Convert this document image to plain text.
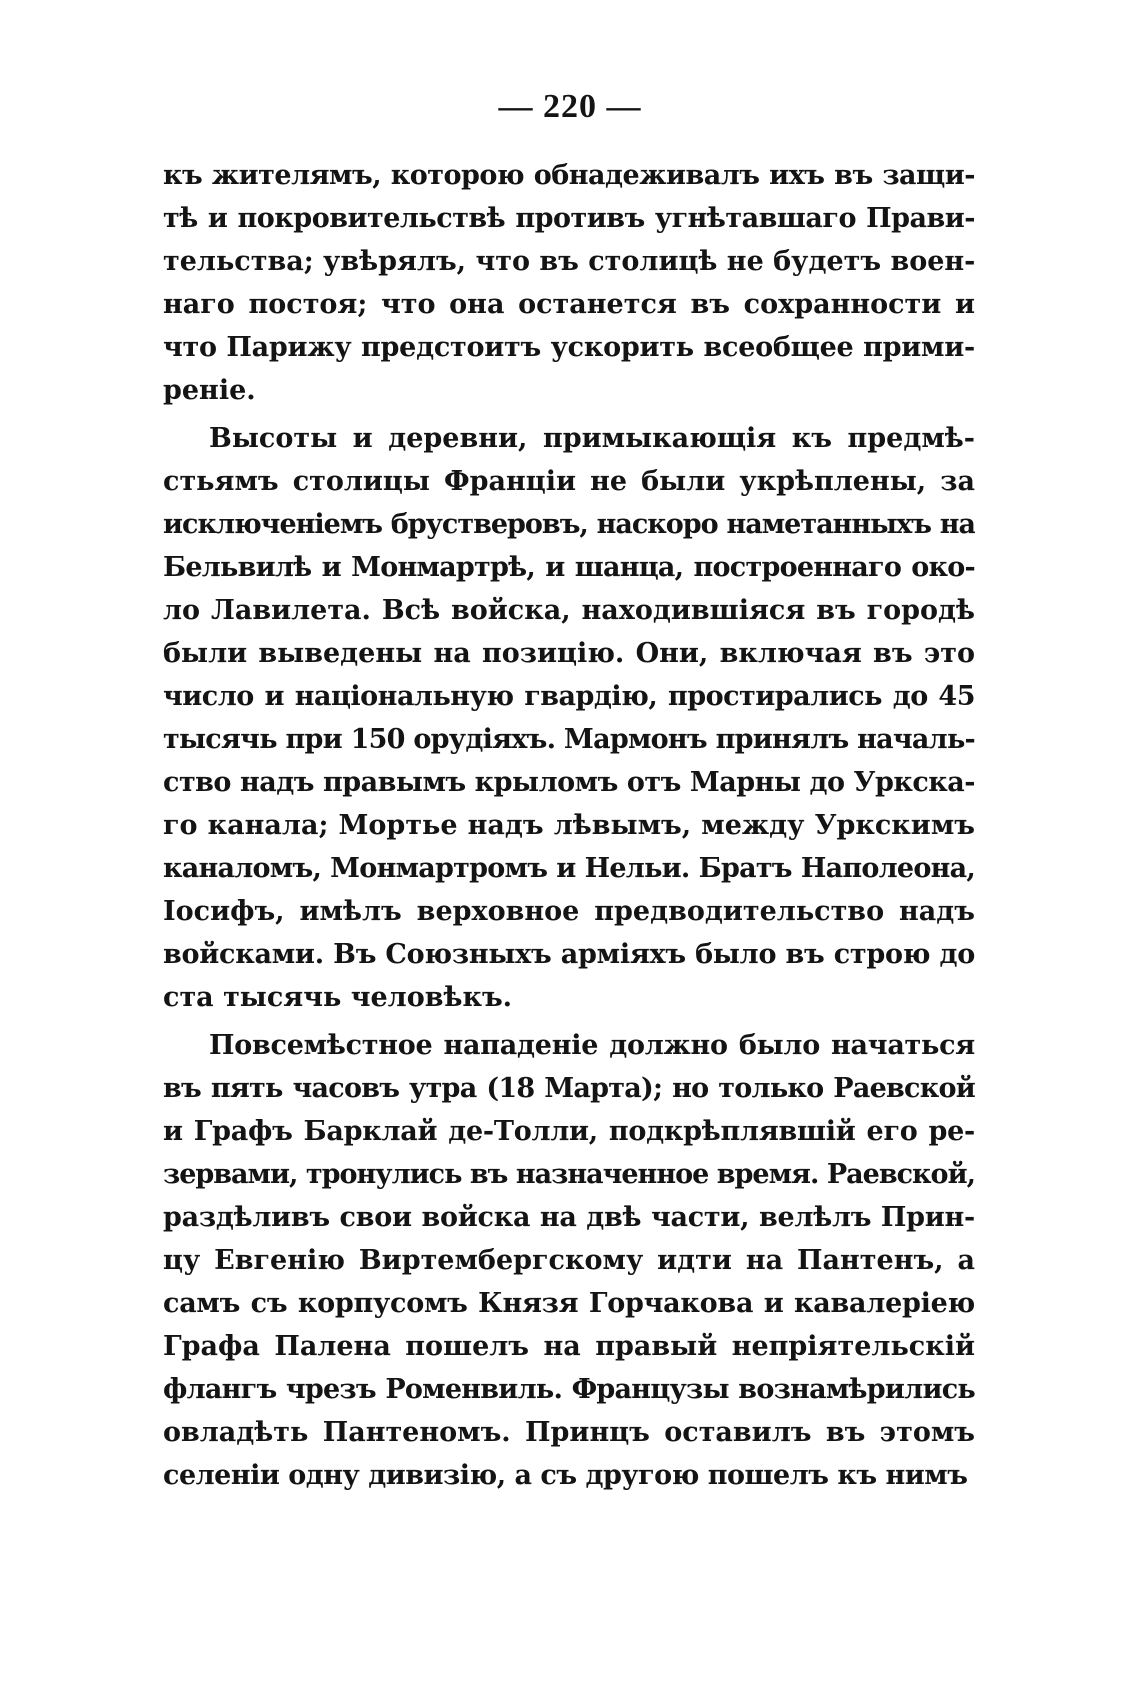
— 220 —

къ жителямъ, которою обнадеживалъ ихъ въ защи-
тѣ и покровительствѣ противъ угнѣтавшаго Прави-
тельства; увѣрялъ, что въ столицѣ не будетъ воен-
наго постоя; что она останется въ сохранности и
что Парижу предстоитъ ускорить всеобщее прими-
реніе.
Высоты и деревни, примыкающія къ предмѣ-
стьямъ столицы Франціи не были укрѣплены, за
исключеніемъ брустверовъ, наскоро наметанныхъ на
Бельвилѣ и Монмартрѣ, и шанца, построеннаго око-
ло Лавилета. Всѣ войска, находившіяся въ городѣ
были выведены на позицію. Они, включая въ это
число и національную гвардію, простирались до 45
тысячь при 150 орудіяхъ. Мармонъ принялъ началь-
ство надъ правымъ крыломъ отъ Марны до Уркска-
го канала; Мортье надъ лѣвымъ, между Уркскимъ
каналомъ, Монмартромъ и Нельи. Братъ Наполеона,
Іосифъ, имѣлъ верховное предводительство надъ
войсками. Въ Союзныхъ арміяхъ было въ строю до
ста тысячь человѣкъ.
Повсемѣстное нападеніе должно было начаться
въ пять часовъ утра (18 Марта); но только Раевской
и Графъ Барклай де-Толли, подкрѣплявшій его ре-
зервами, тронулись въ назначенное время. Раевской,
раздѣливъ свои войска на двѣ части, велѣлъ Прин-
цу Евгенію Виртембергскому идти на Пантенъ, а
самъ съ корпусомъ Князя Горчакова и кавалеріею
Графа Палена пошелъ на правый непріятельскій
флангъ чрезъ Роменвиль. Французы вознамѣрились
овладѣть Пантеномъ. Принцъ оставилъ въ этомъ
селеніи одну дивизію, а съ другою пошелъ къ нимъ
